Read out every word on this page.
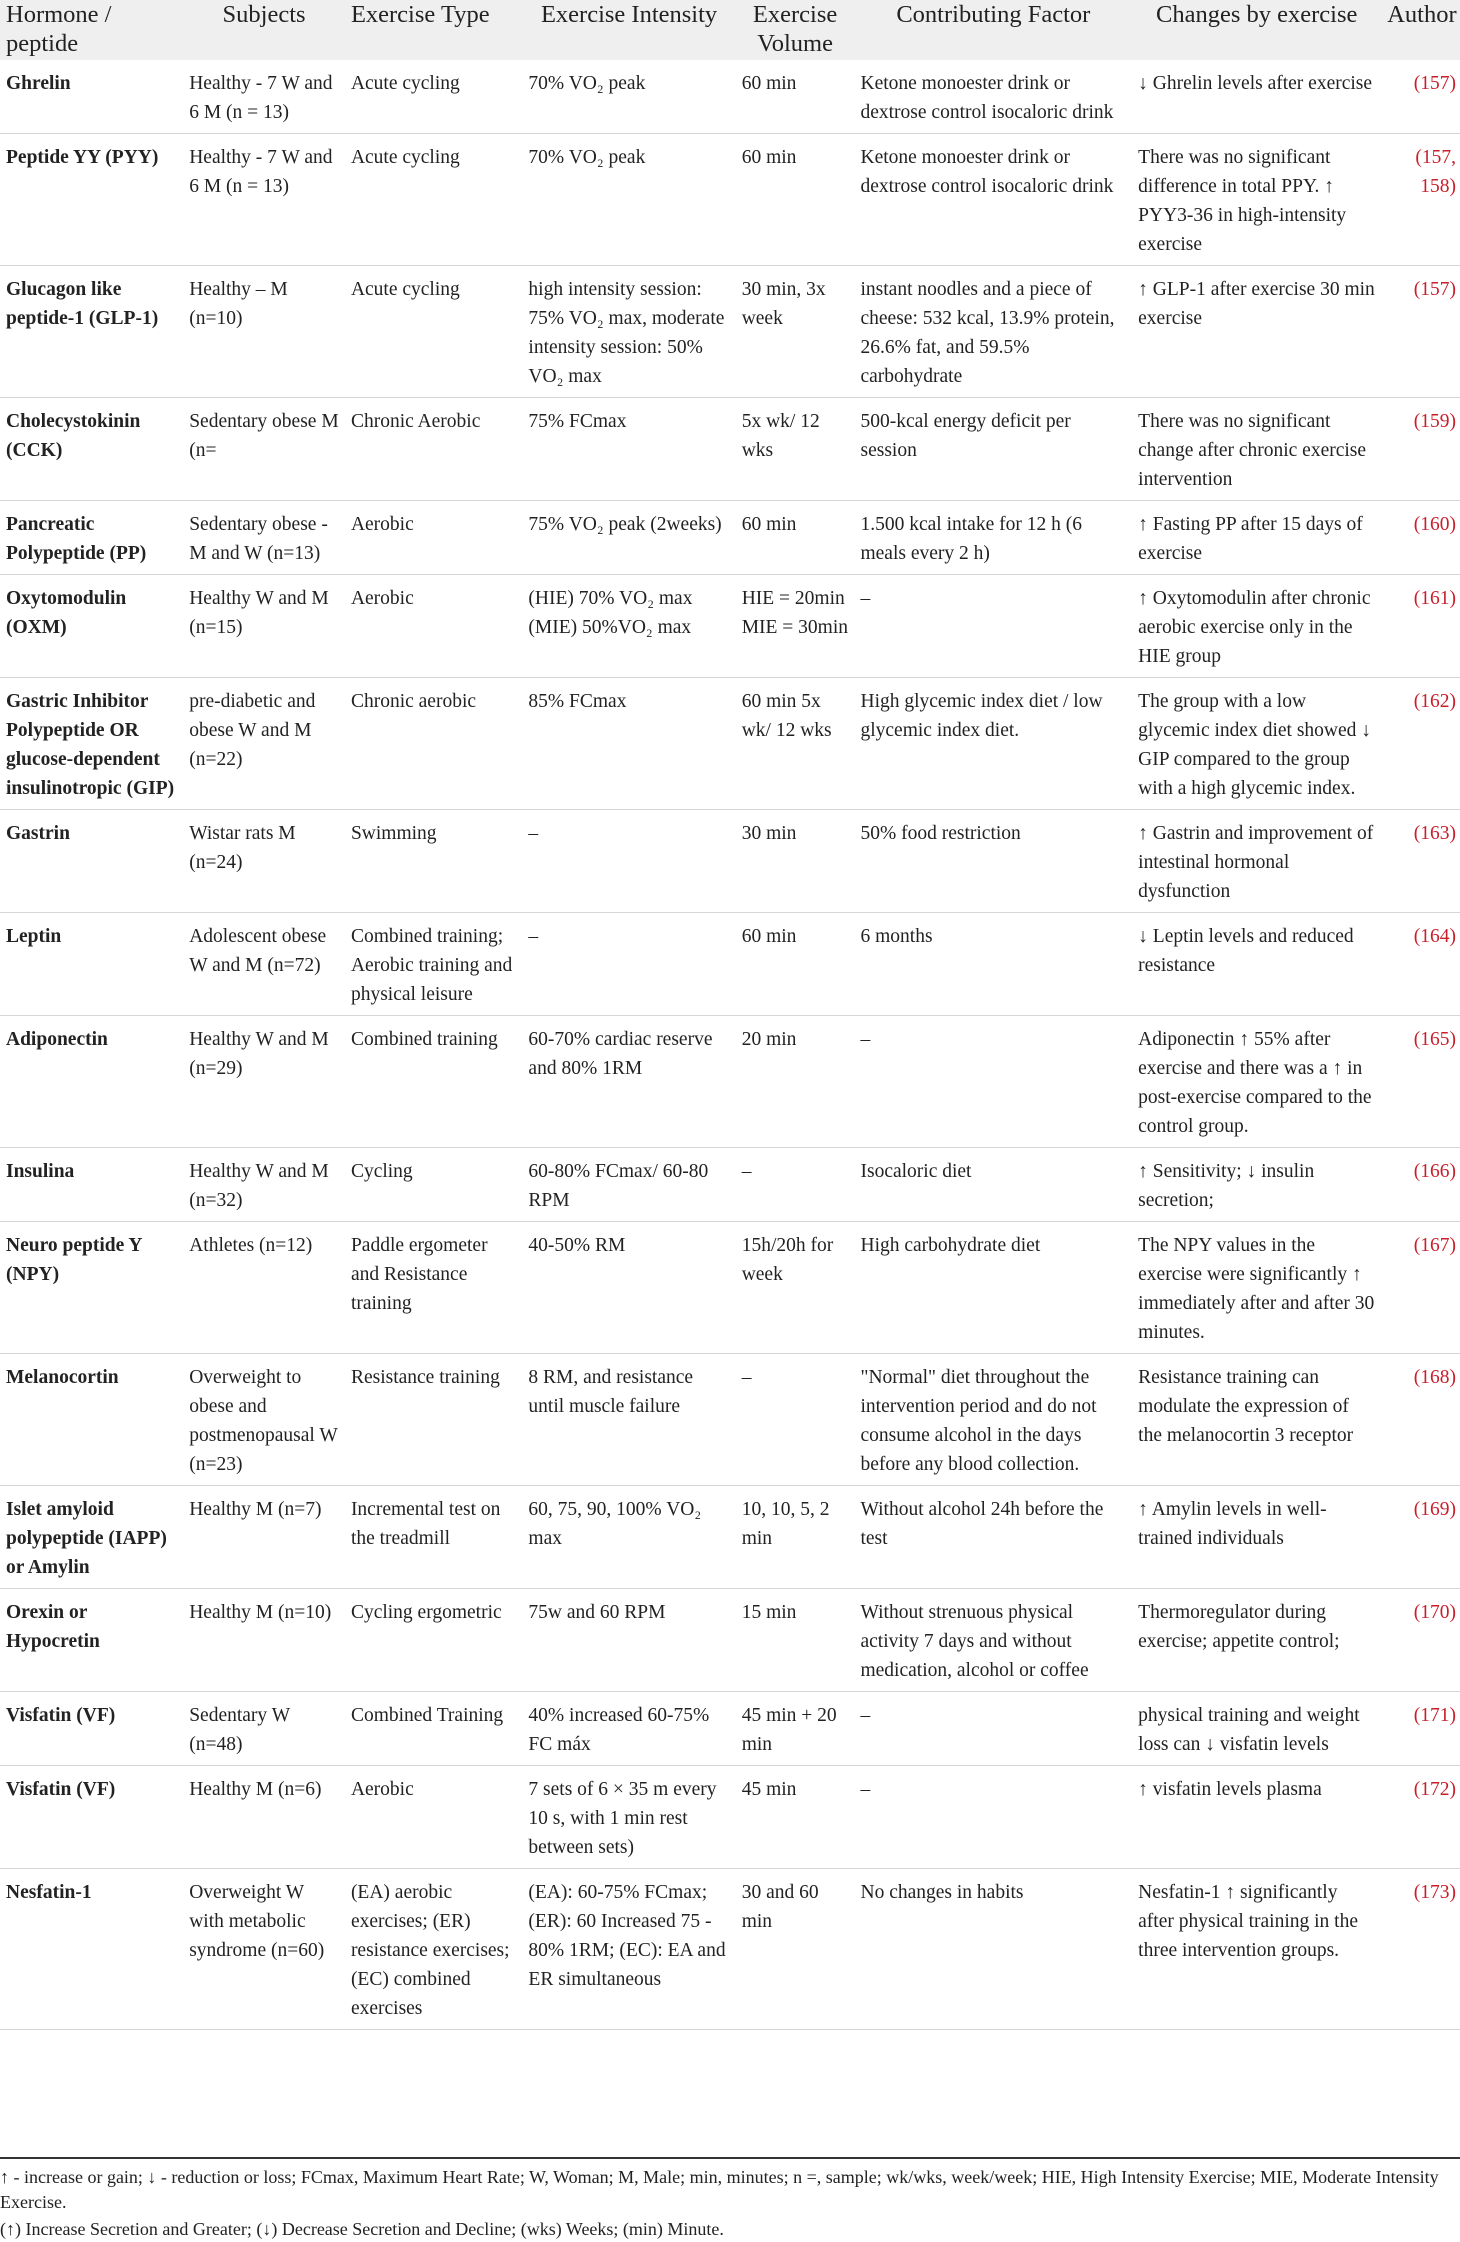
Hormone / peptide	Subjects	Exercise Type	Exercise Intensity	Exercise Volume	Contributing Factor	Changes by exercise	Author
Ghrelin	Healthy - 7 W and 6 M (n = 13)	Acute cycling	70% VO₂ peak	60 min	Ketone monoester drink or dextrose control isocaloric drink	↓ Ghrelin levels after exercise	(157)
Peptide YY (PYY)	Healthy - 7 W and 6 M (n = 13)	Acute cycling	70% VO₂ peak	60 min	Ketone monoester drink or dextrose control isocaloric drink	There was no significant difference in total PPY. ↑ PYY3-36 in high-intensity exercise	(157, 158)
Glucagon like peptide-1 (GLP-1)	Healthy – M (n=10)	Acute cycling	high intensity session: 75% VO₂ max, moderate intensity session: 50% VO₂ max	30 min, 3x week	instant noodles and a piece of cheese: 532 kcal, 13.9% protein, 26.6% fat, and 59.5% carbohydrate	↑ GLP-1 after exercise 30 min exercise	(157)
Cholecystokinin (CCK)	Sedentary obese M (n=	Chronic Aerobic	75% FCmax	5x wk/ 12 wks	500-kcal energy deficit per session	There was no significant change after chronic exercise intervention	(159)
Pancreatic Polypeptide (PP)	Sedentary obese - M and W (n=13)	Aerobic	75% VO₂ peak (2weeks)	60 min	1.500 kcal intake for 12 h (6 meals every 2 h)	↑ Fasting PP after 15 days of exercise	(160)
Oxytomodulin (OXM)	Healthy W and M (n=15)	Aerobic	(HIE) 70% VO₂ max (MIE) 50%VO₂ max	HIE = 20min MIE = 30min	–	↑ Oxytomodulin after chronic aerobic exercise only in the HIE group	(161)
Gastric Inhibitor Polypeptide OR glucose-dependent insulinotropic (GIP)	pre-diabetic and obese W and M (n=22)	Chronic aerobic	85% FCmax	60 min 5x wk/ 12 wks	High glycemic index diet / low glycemic index diet.	The group with a low glycemic index diet showed ↓ GIP compared to the group with a high glycemic index.	(162)
Gastrin	Wistar rats M (n=24)	Swimming	–	30 min	50% food restriction	↑ Gastrin and improvement of intestinal hormonal dysfunction	(163)
Leptin	Adolescent obese W and M (n=72)	Combined training; Aerobic training and physical leisure	–	60 min	6 months	↓ Leptin levels and reduced resistance	(164)
Adiponectin	Healthy W and M (n=29)	Combined training	60-70% cardiac reserve and 80% 1RM	20 min	–	Adiponectin ↑ 55% after exercise and there was a ↑ in post-exercise compared to the control group.	(165)
Insulina	Healthy W and M (n=32)	Cycling	60-80% FCmax/ 60-80 RPM	–	Isocaloric diet	↑ Sensitivity; ↓ insulin secretion;	(166)
Neuro peptide Y (NPY)	Athletes (n=12)	Paddle ergometer and Resistance training	40-50% RM	15h/20h for week	High carbohydrate diet	The NPY values in the exercise were significantly ↑ immediately after and after 30 minutes.	(167)
Melanocortin	Overweight to obese and postmenopausal W (n=23)	Resistance training	8 RM, and resistance until muscle failure	–	"Normal" diet throughout the intervention period and do not consume alcohol in the days before any blood collection.	Resistance training can modulate the expression of the melanocortin 3 receptor	(168)
Islet amyloid polypeptide (IAPP) or Amylin	Healthy M (n=7)	Incremental test on the treadmill	60, 75, 90, 100% VO₂ max	10, 10, 5, 2 min	Without alcohol 24h before the test	↑ Amylin levels in well-trained individuals	(169)
Orexin or Hypocretin	Healthy M (n=10)	Cycling ergometric	75w and 60 RPM	15 min	Without strenuous physical activity 7 days and without medication, alcohol or coffee	Thermoregulator during exercise; appetite control;	(170)
Visfatin (VF)	Sedentary W (n=48)	Combined Training	40% increased 60-75% FC máx	45 min + 20 min	–	physical training and weight loss can ↓ visfatin levels	(171)
Visfatin (VF)	Healthy M (n=6)	Aerobic	7 sets of 6 × 35 m every 10 s, with 1 min rest between sets)	45 min	–	↑ visfatin levels plasma	(172)
Nesfatin-1	Overweight W with metabolic syndrome (n=60)	(EA) aerobic exercises; (ER) resistance exercises; (EC) combined exercises	(EA): 60-75% FCmax; (ER): 60 Increased 75 - 80% 1RM; (EC): EA and ER simultaneous	30 and 60 min	No changes in habits	Nesfatin-1 ↑ significantly after physical training in the three intervention groups.	(173)
↑ - increase or gain; ↓ - reduction or loss; FCmax, Maximum Heart Rate; W, Woman; M, Male; min, minutes; n =, sample; wk/wks, week/week; HIE, High Intensity Exercise; MIE, Moderate Intensity Exercise.
(↑) Increase Secretion and Greater; (↓) Decrease Secretion and Decline; (wks) Weeks; (min) Minute.
